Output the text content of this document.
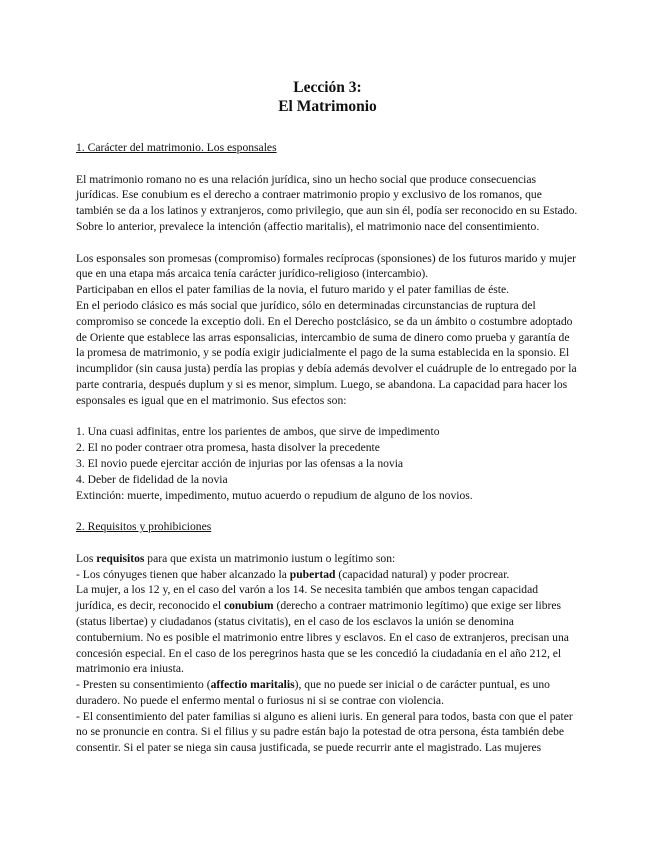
Lección 3:
El Matrimonio

1. Carácter del matrimonio. Los esponsales

El matrimonio romano no es una relación jurídica, sino un hecho social que produce consecuencias jurídicas. Ese conubium es el derecho a contraer matrimonio propio y exclusivo de los romanos, que también se da a los latinos y extranjeros, como privilegio, que aun sin él, podía ser reconocido en su Estado. Sobre lo anterior, prevalece la intención (affectio maritalis), el matrimonio nace del consentimiento.

Los esponsales son promesas (compromiso) formales recíprocas (sponsiones) de los futuros marido y mujer que en una etapa más arcaica tenía carácter jurídico-religioso (intercambio).

Participaban en ellos el pater familias de la novia, el futuro marido y el pater familias de éste.

En el periodo clásico es más social que jurídico, sólo en determinadas circunstancias de ruptura del compromiso se concede la exceptio doli. En el Derecho postclásico, se da un ámbito o costumbre adoptado de Oriente que establece las arras esponsalicias, intercambio de suma de dinero como prueba y garantía de la promesa de matrimonio, y se podía exigir judicialmente el pago de la suma establecida en la sponsio. El incumplidor (sin causa justa) perdía las propias y debía además devolver el cuádruple de lo entregado por la parte contraria, después duplum y si es menor, simplum. Luego, se abandona. La capacidad para hacer los esponsales es igual que en el matrimonio. Sus efectos son:

1. Una cuasi adfinitas, entre los parientes de ambos, que sirve de impedimento

2. El no poder contraer otra promesa, hasta disolver la precedente

3. El novio puede ejercitar acción de injurias por las ofensas a la novia

4. Deber de fidelidad de la novia

Extinción: muerte, impedimento, mutuo acuerdo o repudium de alguno de los novios.

2. Requisitos y prohibiciones

Los requisitos para que exista un matrimonio iustum o legítimo son:

- Los cónyuges tienen que haber alcanzado la pubertad (capacidad natural) y poder procrear.

La mujer, a los 12 y, en el caso del varón a los 14. Se necesita también que ambos tengan capacidad jurídica, es decir, reconocido el conubium (derecho a contraer matrimonio legítimo) que exige ser libres (status libertae) y ciudadanos (status civitatis), en el caso de los esclavos la unión se denomina contubernium. No es posible el matrimonio entre libres y esclavos. En el caso de extranjeros, precisan una concesión especial. En el caso de los peregrinos hasta que se les concedió la ciudadanía en el año 212, el matrimonio era iniusta.

- Presten su consentimiento (affectio maritalis), que no puede ser inicial o de carácter puntual, es uno duradero. No puede el enfermo mental o furiosus ni si se contrae con violencia.

- El consentimiento del pater familias si alguno es alieni iuris. En general para todos, basta con que el pater no se pronuncie en contra. Si el filius y su padre están bajo la potestad de otra persona, ésta también debe consentir. Si el pater se niega sin causa justificada, se puede recurrir ante el magistrado. Las mujeres
